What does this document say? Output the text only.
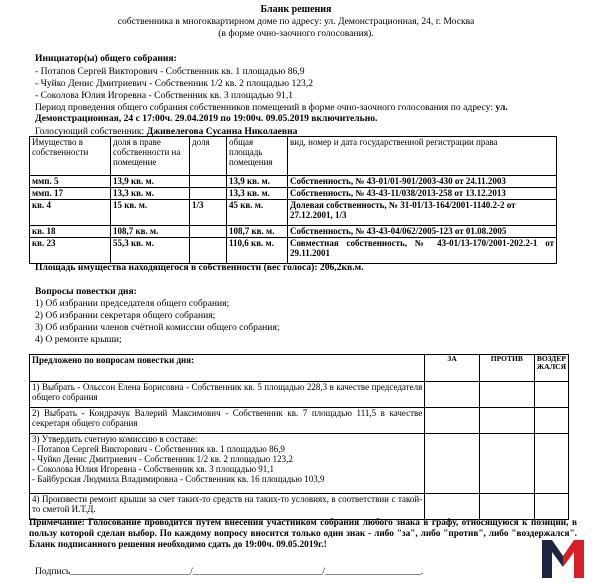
Бланк решения
собственника в многоквартирном доме по адресу: ул. Демонстрационная, 24, г. Москва
(в форме очно-заочного голосования).
Инициатор(ы) общего собрания:
- Потапов Сергей Викторович - Собственник кв. 1 площадью 86,9
- Чуйко Денис Дмитриевич - Собственник 1/2 кв. 2 площадью 123,2
- Соколова Юлия Игоревна - Собственник кв. 3 площадью 91,1
Период проведения общего собрания собственников помещений в форме очно-заочного голосования по адресу: ул.
Демонстрационная, 24 с 17:00ч. 29.04.2019 по 19:00ч. 09.05.2019 включительно.
Голосующий собственник: Дживелегова Сусанна Николаевна
Имущество в собственности	доля в праве собственности на помещение	доля	общая площадь помещения	вид, номер и дата государственной регистрации права
ммп. 5	13,9 кв. м.		13,9 кв. м.	Собственность, № 43-01/01-901/2003-430 от 24.11.2003
ммп. 17	13,3 кв. м.		13,3 кв. м.	Собственность, № 43-43-11/038/2013-258 от 13.12.2013
кв. 4	15 кв. м.	1/3	45 кв. м.	Долевая собственность, № 31-01/13-164/2001-1140.2-2 от 27.12.2001, 1/3
кв. 18	108,7 кв. м.		108,7 кв. м.	Собственность, № 43-43-04/062/2005-123 от 01.08.2005
кв. 23	55,3 кв. м.		110,6 кв. м.	Совместная собственность, № 43-01/13-170/2001-202.2-1 от 29.11.2001
Площадь имущества находящегося в собственности (вес голоса): 206,2кв.м.
Вопросы повестки дня:
1) Об избрании председателя общего собрания;
2) Об избрании секретаря общего собрания;
3) Об избрании членов счётной комиссии общего собрания;
4) О ремонте крыши;
Предложено по вопросам повестки дня:	ЗА	ПРОТИВ	ВОЗДЕР ЖАЛСЯ
1) Выбрать - Ольссон Елена Борисовна - Собственник кв. 5 площадью 228,3 в качестве председателя общего собрания			
2) Выбрать - Кондрачук Валерий Максимович - Собственник кв. 7 площадью 111,5 в качестве секретаря общего собрания			

3) Утвердить счетную комиссию в составе:
- Потапов Сергей Викторович - Собственник кв. 1 площадью 86,9
- Чуйко Денис Дмитриевич - Собственник 1/2 кв. 2 площадью 123,2
- Соколова Юлия Игоревна - Собственник кв. 3 площадью 91,1
- Байбурская Людмила Владимировна - Собственник кв. 16 площадью 103,9			

4) Произвести ремонт крыши за счет таких-то средств на таких-то условиях, в соответствии с такой-то сметой И.Т.Д.			
Примечание: Голосование проводится путем внесения участником собрания любого знака в графу, относящуюся к позиции, в пользу которой сделан выбор. По каждому вопросу вносится только один знак - либо "за", либо "против", либо "воздержался". Бланк подписанного решения необходимо сдать до 19:00ч. 09.05.2019г.!
Подпись_________________________/___________________________/____________________.
